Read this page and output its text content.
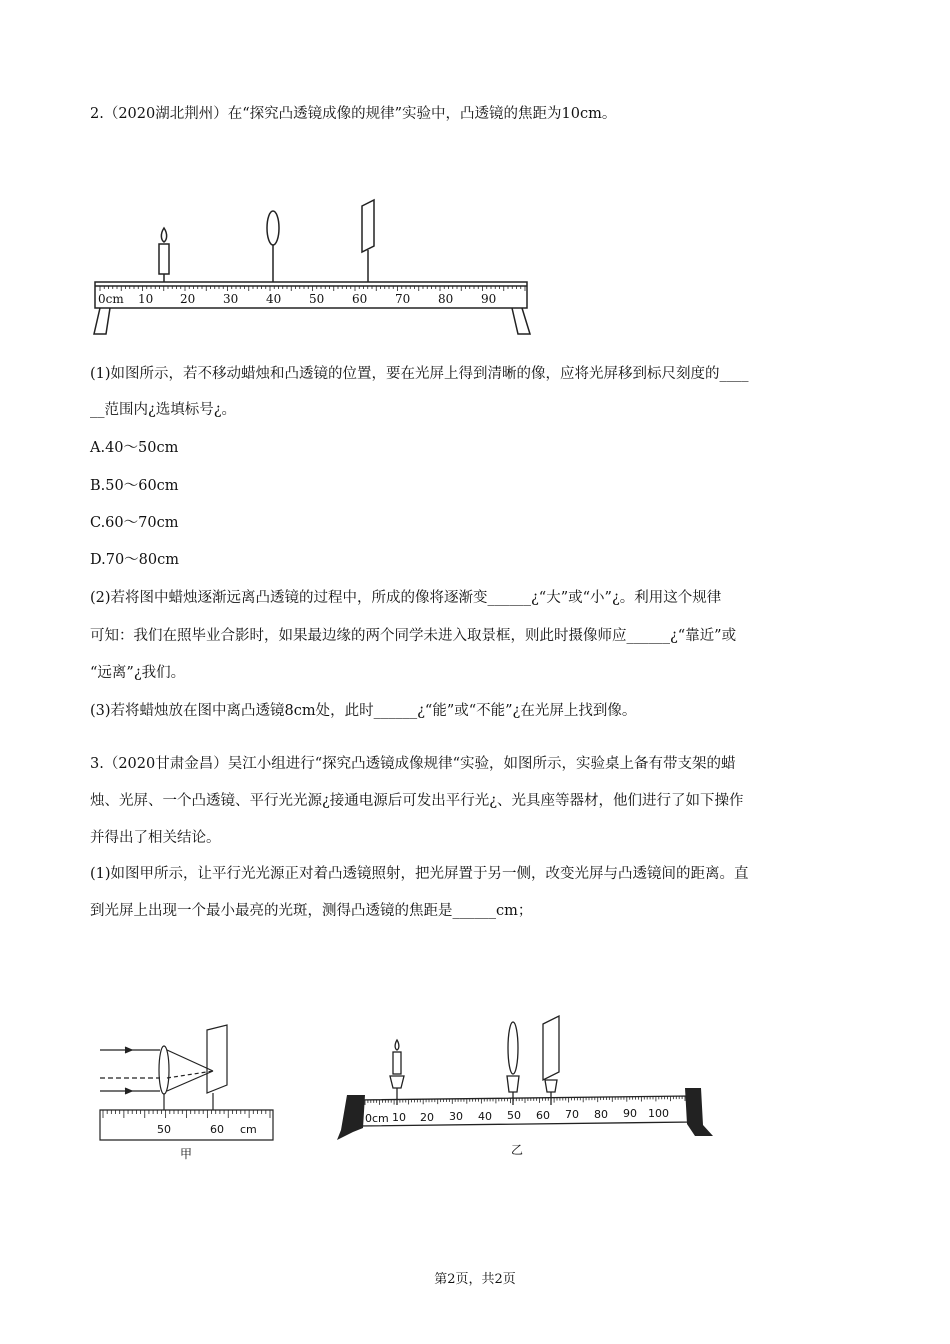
2.（2020湖北荆州）在“探究凸透镜成像的规律”实验中，凸透镜的焦距为10cm。
0cm 10 20 30 40 50 60 70 80 90
(1)如图所示，若不移动蜡烛和凸透镜的位置，要在光屏上得到清晰的像，应将光屏移到标尺刻度的____
__范围内¿选填标号¿。
A.40～50cm
B.50～60cm
C.60～70cm
D.70～80cm
(2)若将图中蜡烛逐渐远离凸透镜的过程中，所成的像将逐渐变______¿“大”或“小”¿。利用这个规律
可知：我们在照毕业合影时，如果最边缘的两个同学未进入取景框，则此时摄像师应______¿“靠近”或
“远离”¿我们。
(3)若将蜡烛放在图中离凸透镜8cm处，此时______¿“能”或“不能”¿在光屏上找到像。
3.（2020甘肃金昌）吴江小组进行“探究凸透镜成像规律“实验，如图所示，实验桌上备有带支架的蜡
烛、光屏、一个凸透镜、平行光光源¿接通电源后可发出平行光¿、光具座等器材，他们进行了如下操作
并得出了相关结论。
(1)如图甲所示，让平行光光源正对着凸透镜照射，把光屏置于另一侧，改变光屏与凸透镜间的距离。直
到光屏上出现一个最小最亮的光斑，测得凸透镜的焦距是______cm；
50	60 cm
甲
0cm 10 20 30 40 50 60 70 80 90 100
乙
第2页，共2页
